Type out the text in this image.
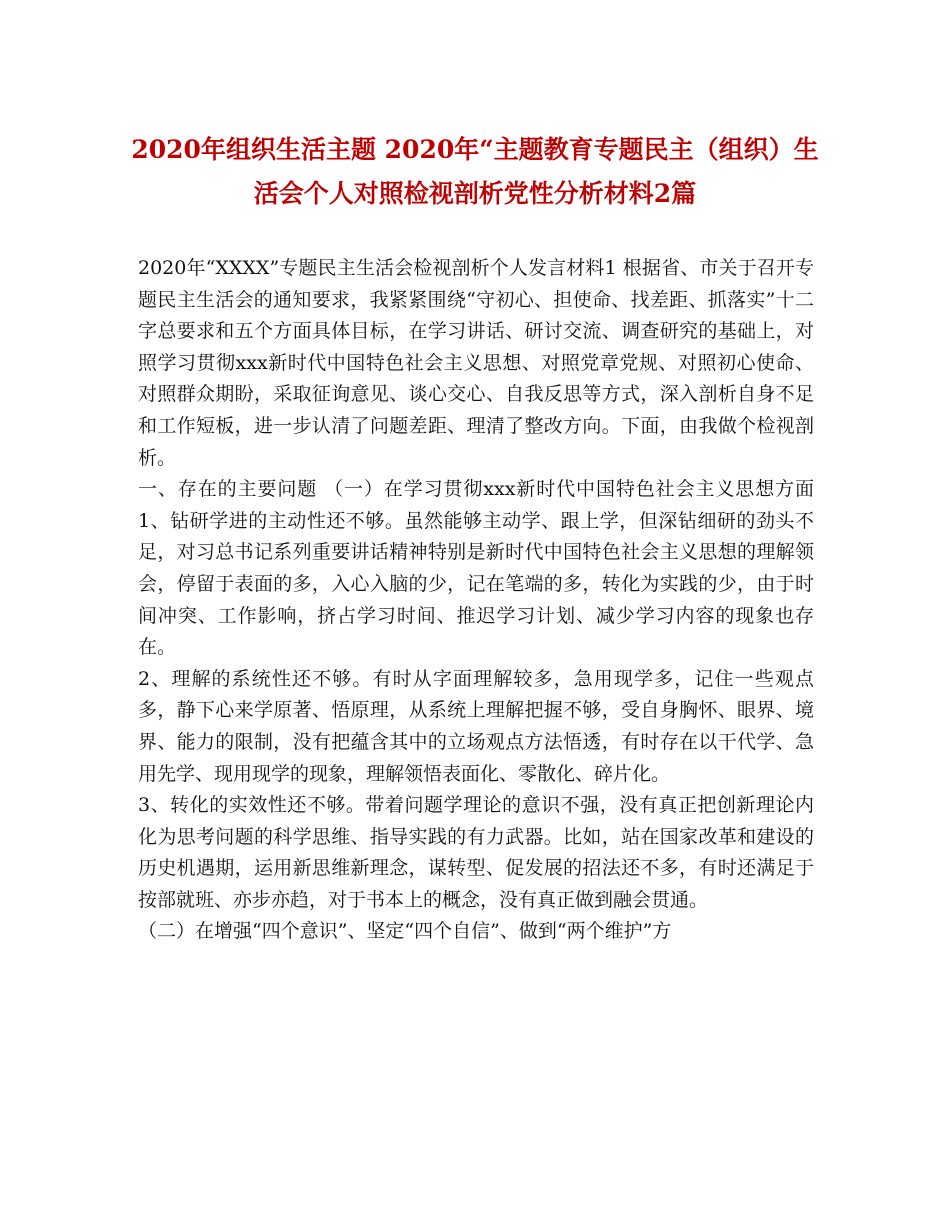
2020年组织生活主题 2020年“主题教育专题民主（组织）生活会个人对照检视剖析党性分析材料2篇

2020年“XXXX”专题民主生活会检视剖析个人发言材料1 根据省、市关于召开专题民主生活会的通知要求，我紧紧围绕“守初心、担使命、找差距、抓落实”十二字总要求和五个方面具体目标，在学习讲话、研讨交流、调查研究的基础上，对照学习贯彻xxx新时代中国特色社会主义思想、对照党章党规、对照初心使命、对照群众期盼，采取征询意见、谈心交心、自我反思等方式，深入剖析自身不足和工作短板，进一步认清了问题差距、理清了整改方向。下面，由我做个检视剖析。

一、存在的主要问题 （一）在学习贯彻xxx新时代中国特色社会主义思想方面 1、钻研学进的主动性还不够。虽然能够主动学、跟上学，但深钻细研的劲头不足，对习总书记系列重要讲话精神特别是新时代中国特色社会主义思想的理解领会，停留于表面的多，入心入脑的少，记在笔端的多，转化为实践的少，由于时间冲突、工作影响，挤占学习时间、推迟学习计划、减少学习内容的现象也存在。

2、理解的系统性还不够。有时从字面理解较多，急用现学多，记住一些观点多，静下心来学原著、悟原理，从系统上理解把握不够，受自身胸怀、眼界、境界、能力的限制，没有把蕴含其中的立场观点方法悟透，有时存在以干代学、急用先学、现用现学的现象，理解领悟表面化、零散化、碎片化。

3、转化的实效性还不够。带着问题学理论的意识不强，没有真正把创新理论内化为思考问题的科学思维、指导实践的有力武器。比如，站在国家改革和建设的历史机遇期，运用新思维新理念，谋转型、促发展的招法还不多，有时还满足于按部就班、亦步亦趋，对于书本上的概念，没有真正做到融会贯通。

（二）在增强“四个意识”、坚定“四个自信”、做到“两个维护”方
